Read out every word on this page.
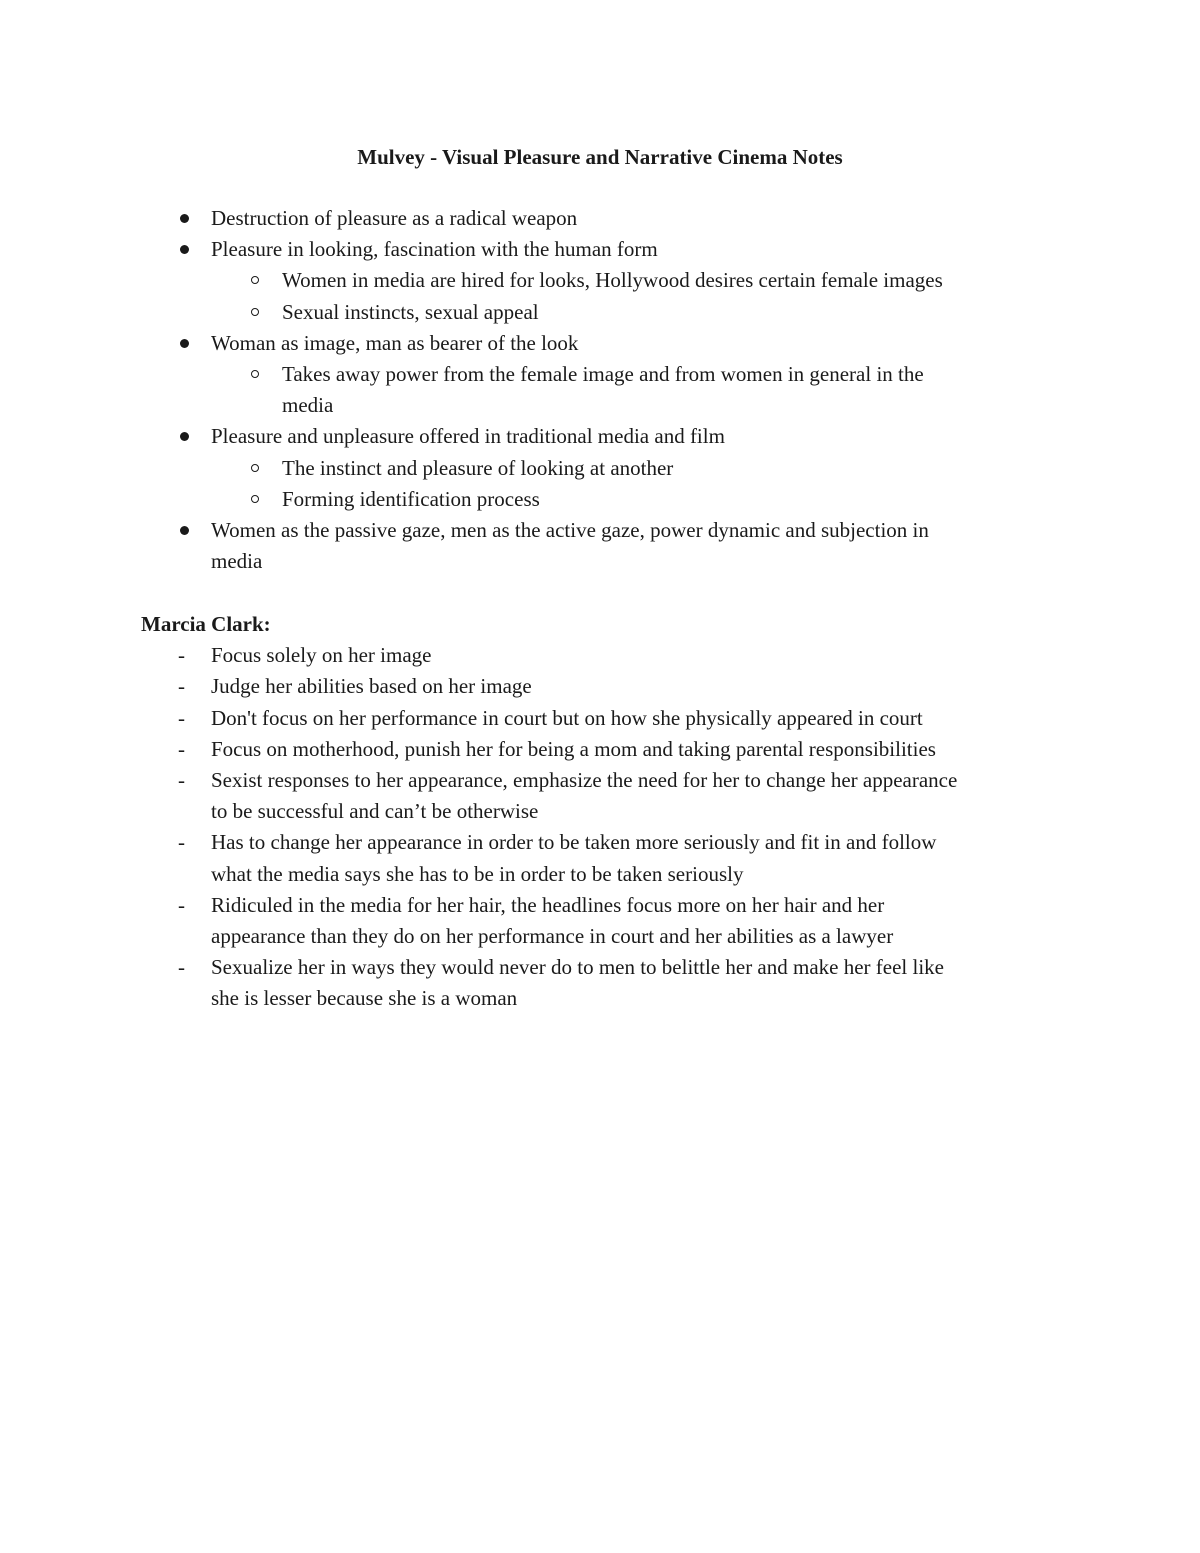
Mulvey - Visual Pleasure and Narrative Cinema Notes
Destruction of pleasure as a radical weapon
Pleasure in looking, fascination with the human form
Women in media are hired for looks, Hollywood desires certain female images
Sexual instincts, sexual appeal
Woman as image, man as bearer of the look
Takes away power from the female image and from women in general in the
media
Pleasure and unpleasure offered in traditional media and film
The instinct and pleasure of looking at another
Forming identification process
Women as the passive gaze, men as the active gaze, power dynamic and subjection in
media
Marcia Clark:
- Focus solely on her image
- Judge her abilities based on her image
- Don't focus on her performance in court but on how she physically appeared in court
- Focus on motherhood, punish her for being a mom and taking parental responsibilities
- Sexist responses to her appearance, emphasize the need for her to change her appearance
to be successful and can’t be otherwise
- Has to change her appearance in order to be taken more seriously and fit in and follow
what the media says she has to be in order to be taken seriously
- Ridiculed in the media for her hair, the headlines focus more on her hair and her
appearance than they do on her performance in court and her abilities as a lawyer
- Sexualize her in ways they would never do to men to belittle her and make her feel like
she is lesser because she is a woman
